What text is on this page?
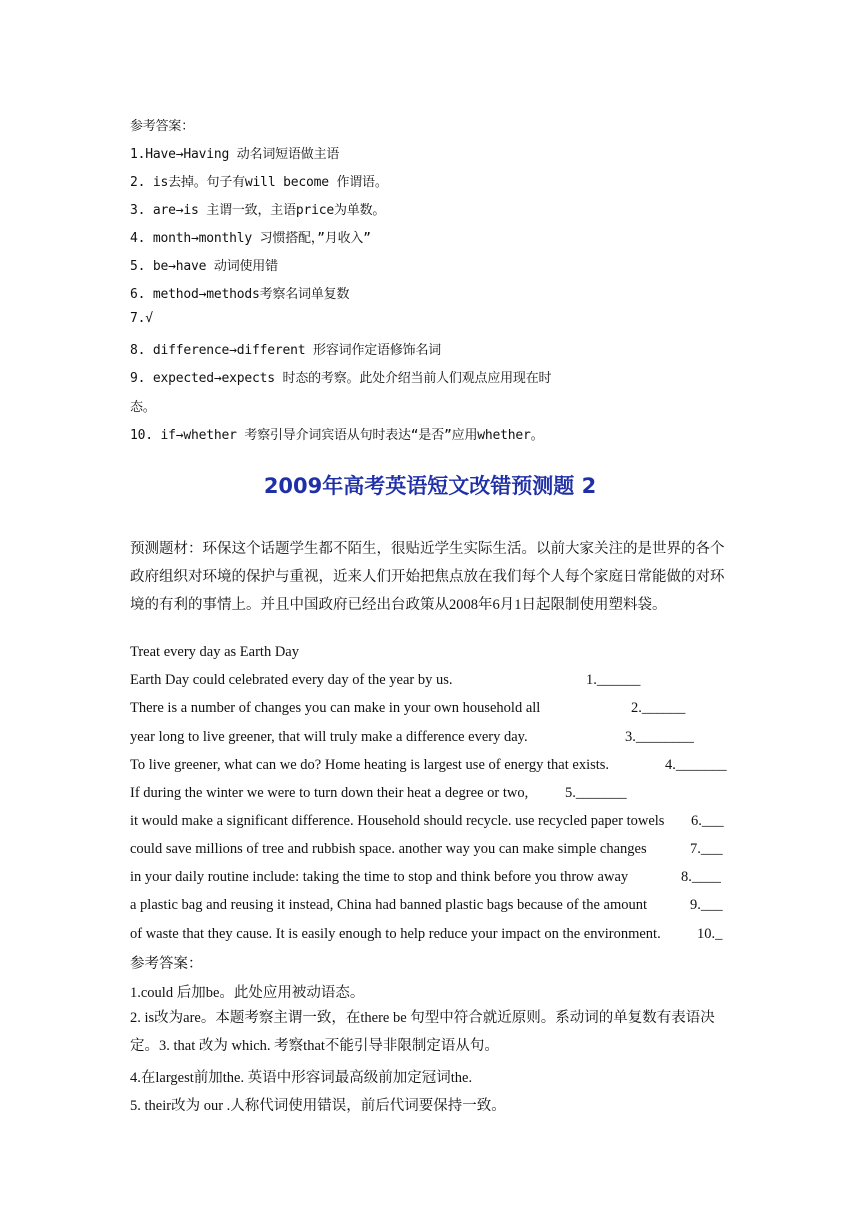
参考答案：
1.Have→Having 动名词短语做主语
2. is去掉。句子有will become 作谓语。
3. are→is 主谓一致，主语price为单数。
4. month→monthly 习惯搭配，”月收入”
5. be→have 动词使用错
6. method→methods考察名词单复数
7.√
8. difference→different 形容词作定语修饰名词
9. expected→expects 时态的考察。此处介绍当前人们观点应用现在时
态。
10. if→whether 考察引导介词宾语从句时表达“是否”应用whether。
2009年高考英语短文改错预测题 2
预测题材：环保这个话题学生都不陌生，很贴近学生实际生活。以前大家关注的是世界的各个政府组织对环境的保护与重视，近来人们开始把焦点放在我们每个人每个家庭日常能做的对环境的有利的事情上。并且中国政府已经出台政策从2008年6月1日起限制使用塑料袋。
Treat every day as Earth Day
Earth Day could celebrated every day of the year by us.	1.______
There is a number of changes you can make in your own household all	2.______
year long to live greener, that will truly make a difference every day.	3.________
To live greener, what can we do? Home heating is largest use of energy that exists.	4._______
If during the winter we were to turn down their heat a degree or two,	5._______
it would make a significant difference. Household should recycle. use recycled paper towels 6.___
could save millions of tree and rubbish space. another way you can make simple changes	7.___
in your daily routine include: taking the time to stop and think before you throw away	8.____
a plastic bag and reusing it instead, China had banned plastic bags because of the amount	9.___
of waste that they cause. It is easily enough to help reduce your impact on the environment.	10._
参考答案：
1.could 后加be。此处应用被动语态。
2. is改为are。本题考察主谓一致，在there be 句型中符合就近原则。系动词的单复数有表语决定。3. that 改为 which. 考察that不能引导非限制定语从句。
4.在largest前加the. 英语中形容词最高级前加定冠词the.
5. their改为 our .人称代词使用错误，前后代词要保持一致。
